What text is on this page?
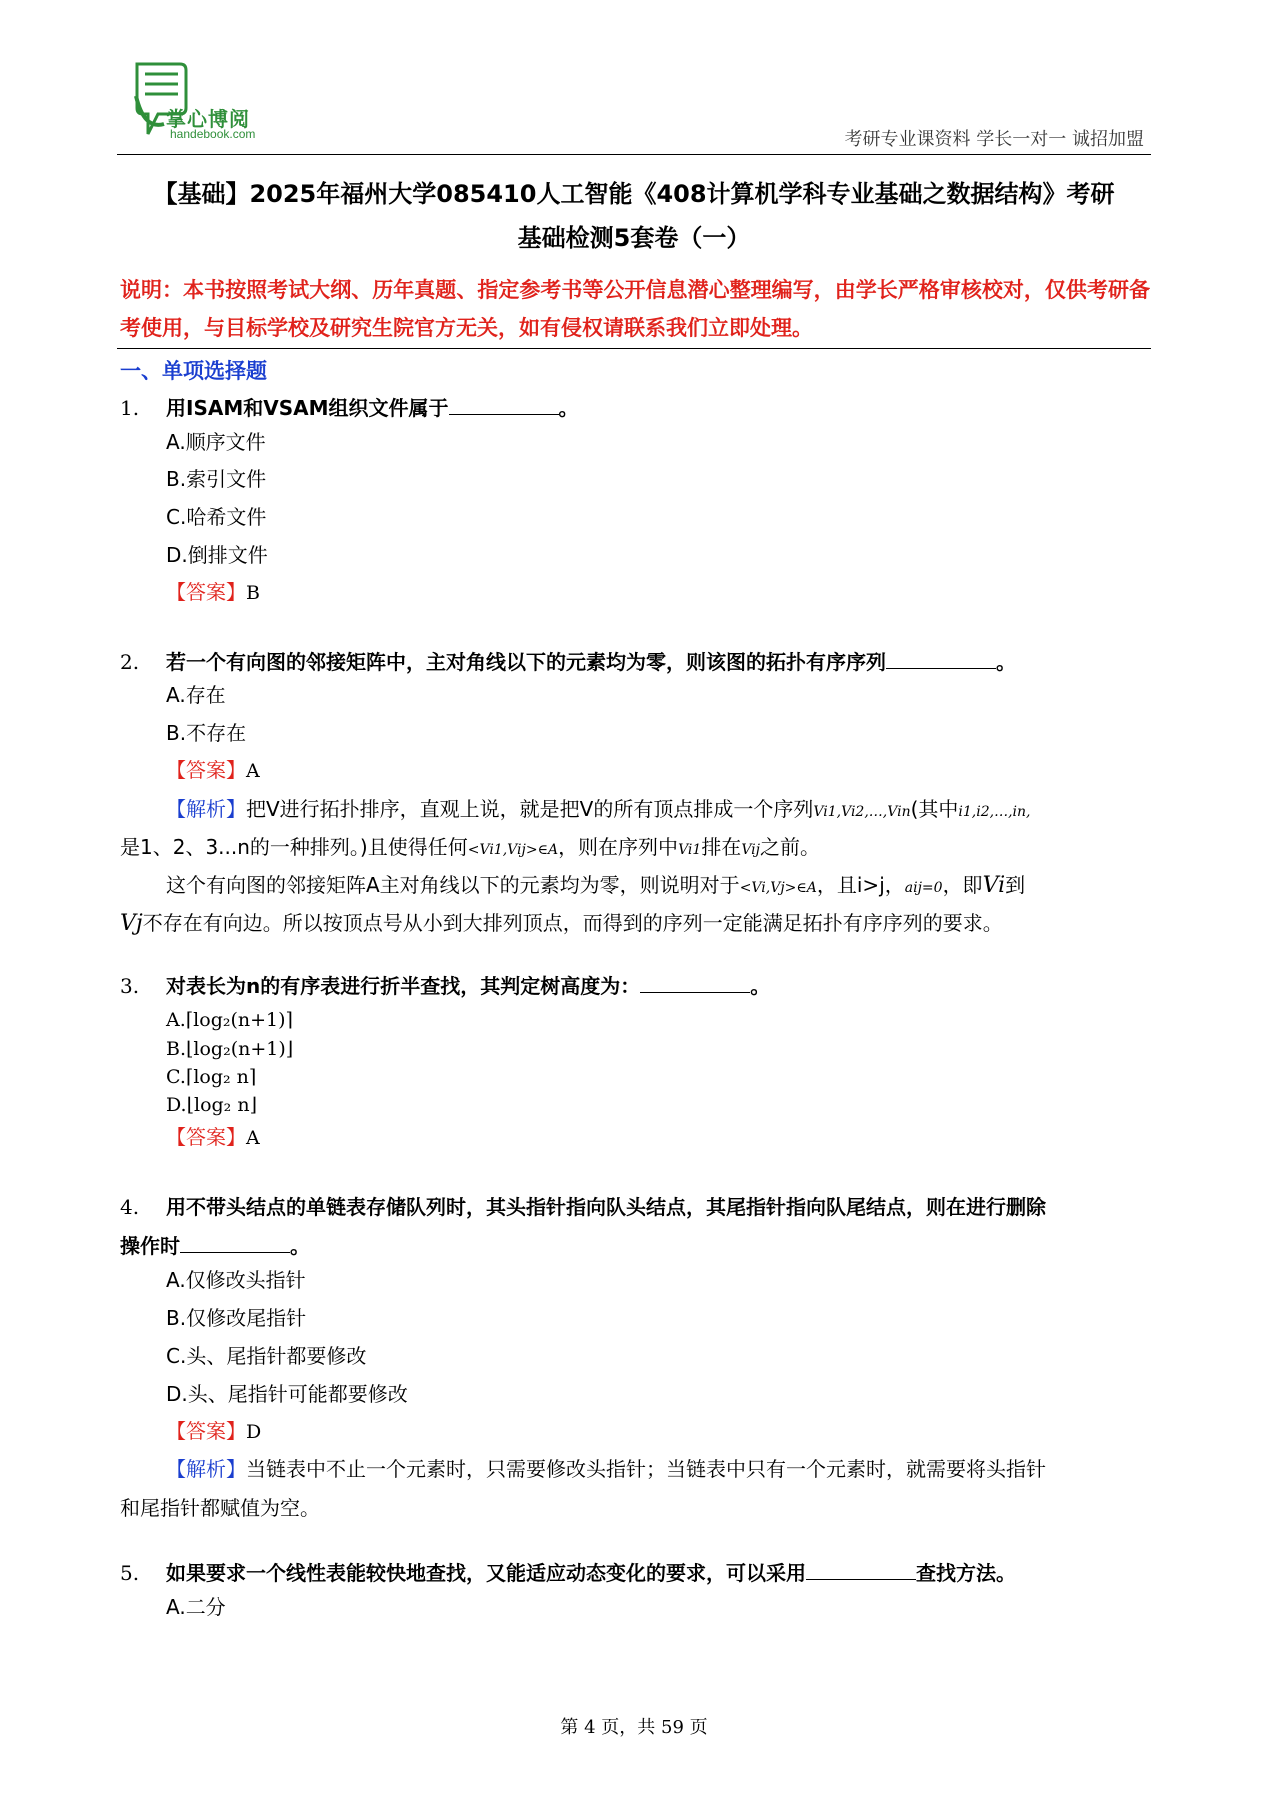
掌心博阅
handebook.com	考研专业课资料 学长一对一 诚招加盟
【基础】2025年福州大学085410人工智能《408计算机学科专业基础之数据结构》考研
基础检测5套卷（一）
说明：本书按照考试大纲、历年真题、指定参考书等公开信息潜心整理编写，由学长严格审核校对，仅供考研备考使用，与目标学校及研究生院官方无关，如有侵权请联系我们立即处理。
一、单项选择题
1. 用ISAM和VSAM组织文件属于	。
A.顺序文件
B.索引文件
C.哈希文件
D.倒排文件
【答案】B
2. 若一个有向图的邻接矩阵中，主对角线以下的元素均为零，则该图的拓扑有序序列	。
A.存在
B.不存在
【答案】A
【解析】把V进行拓扑排序，直观上说，就是把V的所有顶点排成一个序列Vi1,Vi2,…,Vin(其中i1,i2,…,in,
是1、2、3...n的一种排列。)且使得任何<Vi1,Vij>∈A，则在序列中Vi1排在Vij之前。
这个有向图的邻接矩阵A主对角线以下的元素均为零，则说明对于<Vi,Vj>∈A，且i>j，aij=0，即Vi到
Vj不存在有向边。所以按顶点号从小到大排列顶点，而得到的序列一定能满足拓扑有序序列的要求。
3. 对表长为n的有序表进行折半查找，其判定树高度为：	。
A.⌈log₂(n+1)⌉
B.⌊log₂(n+1)⌋
C.⌈log₂ n⌉
D.⌊log₂ n⌋
【答案】A
4. 用不带头结点的单链表存储队列时，其头指针指向队头结点，其尾指针指向队尾结点，则在进行删除
操作时	。
A.仅修改头指针
B.仅修改尾指针
C.头、尾指针都要修改
D.头、尾指针可能都要修改
【答案】D
【解析】当链表中不止一个元素时，只需要修改头指针；当链表中只有一个元素时，就需要将头指针
和尾指针都赋值为空。
5. 如果要求一个线性表能较快地查找，又能适应动态变化的要求，可以采用	查找方法。
A.二分
第 4 页，共 59 页
